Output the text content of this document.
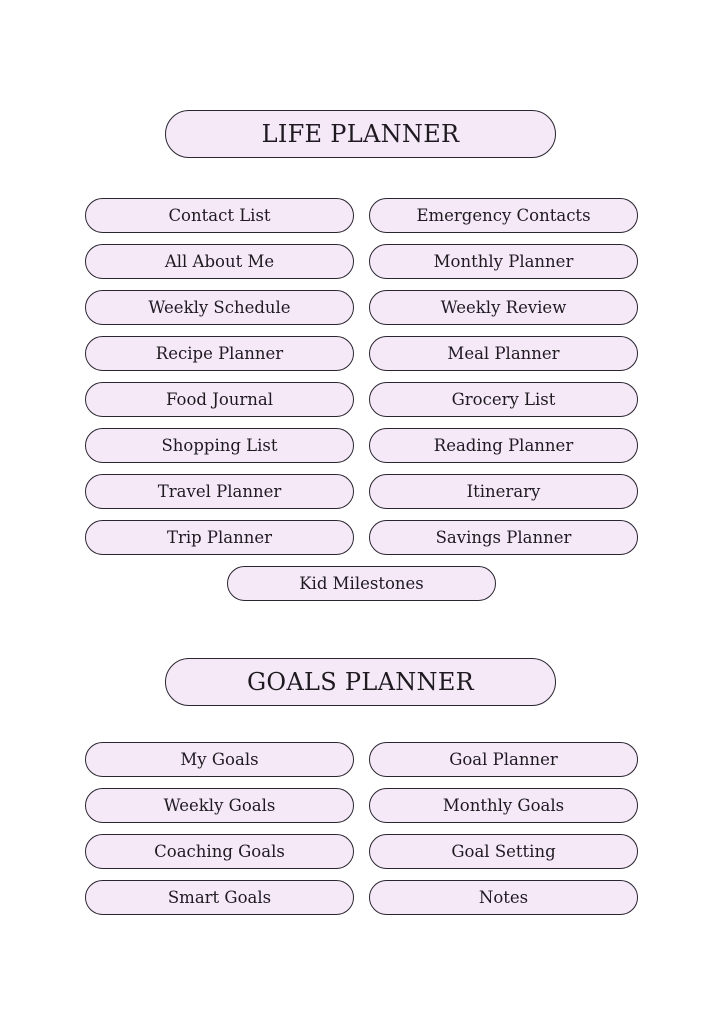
LIFE PLANNER
Contact List	Emergency Contacts
All About Me	Monthly Planner
Weekly Schedule	Weekly Review
Recipe Planner	Meal Planner
Food Journal	Grocery List
Shopping List	Reading Planner
Travel Planner	Itinerary
Trip Planner	Savings Planner
Kid Milestones
GOALS PLANNER
My Goals	Goal Planner
Weekly Goals	Monthly Goals
Coaching Goals	Goal Setting
Smart Goals	Notes
